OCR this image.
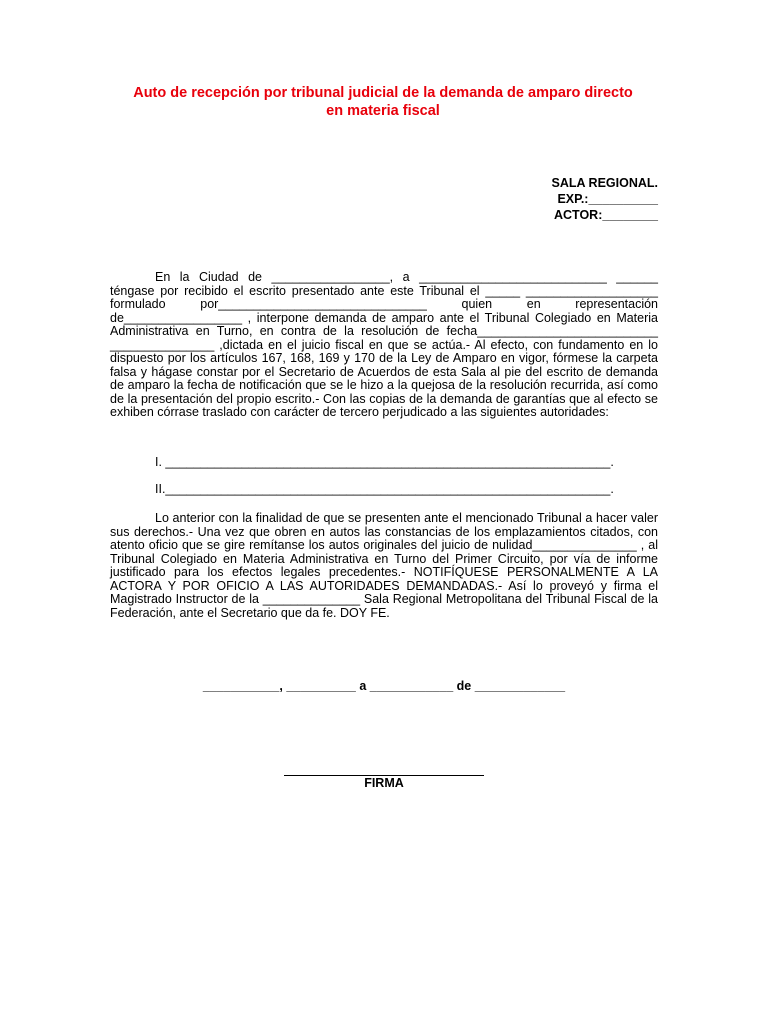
Auto de recepción por tribunal judicial de la demanda de amparo directo
en materia fiscal
SALA REGIONAL.
EXP.:__________
ACTOR:________
En la Ciudad de _________________, a ___________________________ ______ téngase por recibido el escrito presentado ante este Tribunal el _____ ___________________ formulado por______________________________ quien en representación de_________________ , interpone demanda de amparo ante el Tribunal Colegiado en Materia Administrativa en Turno, en contra de la resolución de fecha__________________________ _______________ ,dictada en el juicio fiscal en que se actúa.- Al efecto, con fundamento en lo dispuesto por los artículos 167, 168, 169 y 170 de la Ley de Amparo en vigor, fórmese la carpeta falsa y hágase constar por el Secretario de Acuerdos de esta Sala al pie del escrito de demanda de amparo la fecha de notificación que se le hizo a la quejosa de la resolución recurrida, así como de la presentación del propio escrito.- Con las copias de la demanda de garantías que al efecto se exhiben córrase traslado con carácter de tercero perjudicado a las siguientes autoridades:
I. ________________________________________________________________.
II.________________________________________________________________.
Lo anterior con la finalidad de que se presenten ante el mencionado Tribunal a hacer valer sus derechos.- Una vez que obren en autos las constancias de los emplazamientos citados, con atento oficio que se gire remítanse los autos originales del juicio de nulidad_______________ , al Tribunal Colegiado en Materia Administrativa en Turno del Primer Circuito, por vía de informe justificado para los efectos legales precedentes.- NOTIFÍQUESE PERSONALMENTE A LA ACTORA Y POR OFICIO A LAS AUTORIDADES DEMANDADAS.- Así lo proveyó y firma el Magistrado Instructor de la ______________ Sala Regional Metropolitana del Tribunal Fiscal de la Federación, ante el Secretario que da fe. DOY FE.
___________, __________ a ____________ de _____________
FIRMA
